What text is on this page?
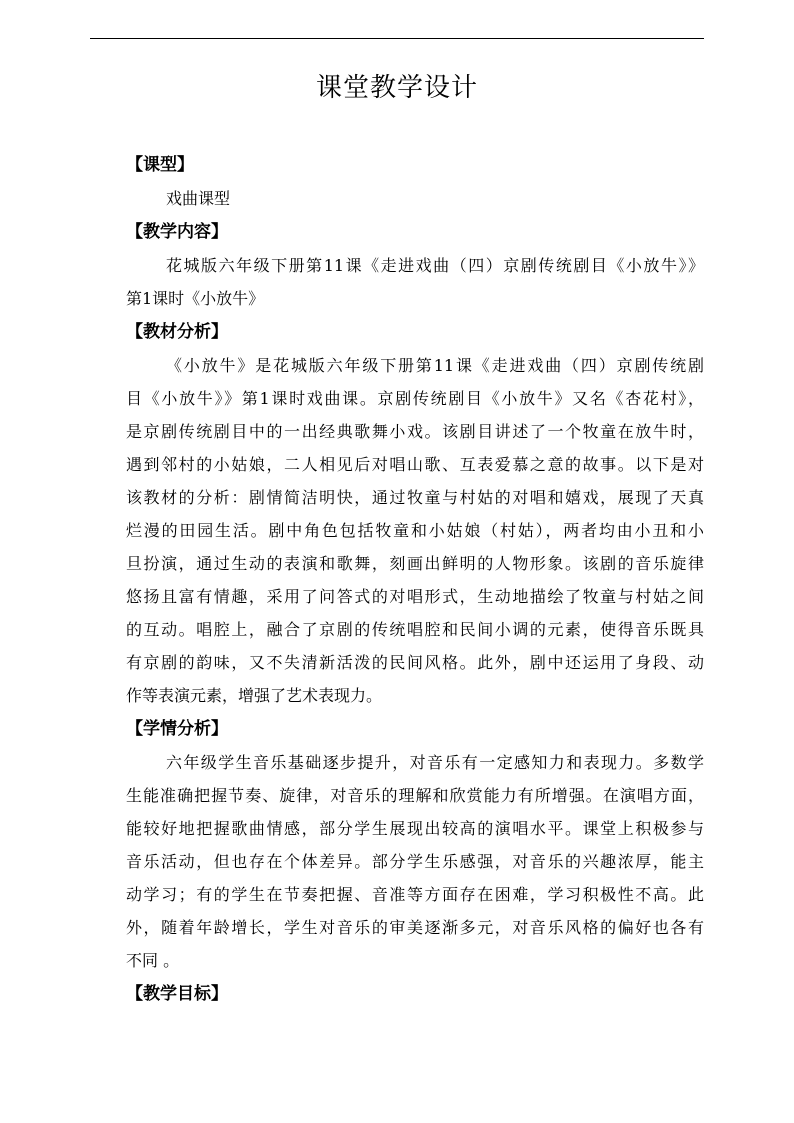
课堂教学设计
【课型】
戏曲课型
【教学内容】
花城版六年级下册第11课《走进戏曲（四）京剧传统剧目《小放牛》》
第1课时《小放牛》
【教材分析】
《小放牛》是花城版六年级下册第11课《走进戏曲（四）京剧传统剧
目《小放牛》》第1课时戏曲课。京剧传统剧目《小放牛》又名《杏花村》，
是京剧传统剧目中的一出经典歌舞小戏。该剧目讲述了一个牧童在放牛时，
遇到邻村的小姑娘，二人相见后对唱山歌、互表爱慕之意的故事。以下是对
该教材的分析：剧情简洁明快，通过牧童与村姑的对唱和嬉戏，展现了天真
烂漫的田园生活。剧中角色包括牧童和小姑娘（村姑），两者均由小丑和小
旦扮演，通过生动的表演和歌舞，刻画出鲜明的人物形象。该剧的音乐旋律
悠扬且富有情趣，采用了问答式的对唱形式，生动地描绘了牧童与村姑之间
的互动。唱腔上，融合了京剧的传统唱腔和民间小调的元素，使得音乐既具
有京剧的韵味，又不失清新活泼的民间风格。此外，剧中还运用了身段、动
作等表演元素，增强了艺术表现力。
【学情分析】
六年级学生音乐基础逐步提升，对音乐有一定感知力和表现力。多数学
生能准确把握节奏、旋律，对音乐的理解和欣赏能力有所增强。在演唱方面，
能较好地把握歌曲情感，部分学生展现出较高的演唱水平。课堂上积极参与
音乐活动，但也存在个体差异。部分学生乐感强，对音乐的兴趣浓厚，能主
动学习；有的学生在节奏把握、音准等方面存在困难，学习积极性不高。此
外，随着年龄增长，学生对音乐的审美逐渐多元，对音乐风格的偏好也各有
不同 。
【教学目标】
